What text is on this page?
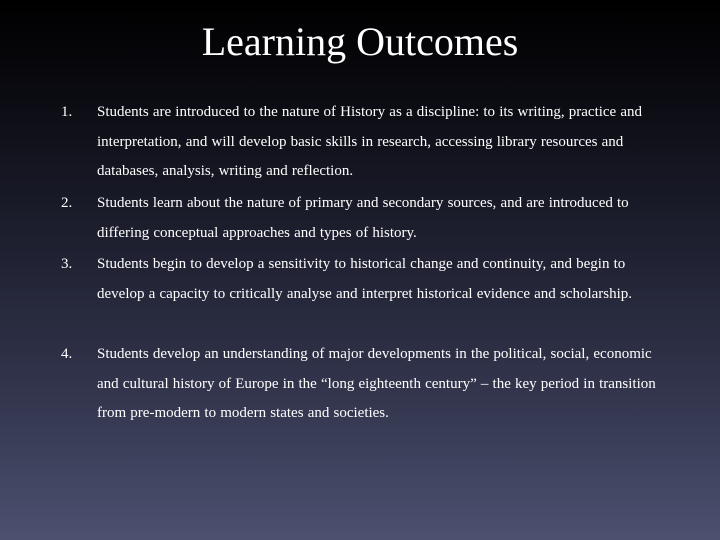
Learning Outcomes
1. Students are introduced to the nature of History as a discipline: to its writing, practice and interpretation, and will develop basic skills in research, accessing library resources and databases, analysis, writing and reflection.
2. Students learn about the nature of primary and secondary sources, and are introduced to differing conceptual approaches and types of history.
3. Students begin to develop a sensitivity to historical change and continuity, and begin to develop a capacity to critically analyse and interpret historical evidence and scholarship.
4. Students develop an understanding of major developments in the political, social, economic and cultural history of Europe in the “long eighteenth century” – the key period in transition from pre-modern to modern states and societies.
